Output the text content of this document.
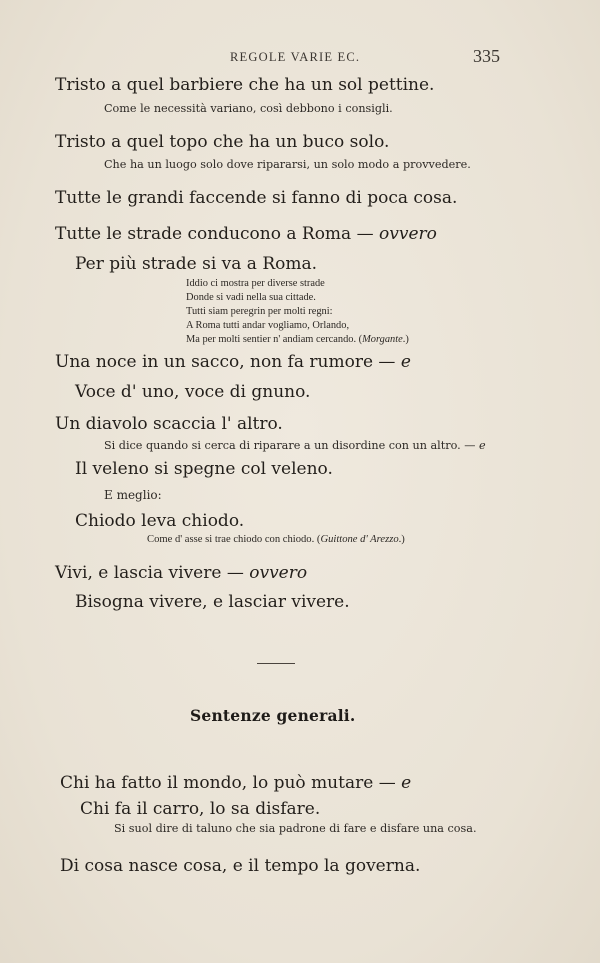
REGOLE VARIE EC.	335
Tristo a quel barbiere che ha un sol pettine.
Come le necessità variano, così debbono i consigli.
Tristo a quel topo che ha un buco solo.
Che ha un luogo solo dove ripararsi, un solo modo a provvedere.
Tutte le grandi faccende si fanno di poca cosa.
Tutte le strade conducono a Roma — ovvero
Per più strade si va a Roma.
Iddio ci mostra per diverse strade
Donde si vadi nella sua cittade.
Tutti siam peregrin per molti regni:
A Roma tutti andar vogliamo, Orlando,
Ma per molti sentier n' andiam cercando. (Morgante.)
Una noce in un sacco, non fa rumore — e
Voce d' uno, voce di gnuno.
Un diavolo scaccia l' altro.
Si dice quando si cerca di riparare a un disordine con un altro. — e
Il veleno si spegne col veleno.
E meglio:
Chiodo leva chiodo.
Come d' asse si trae chiodo con chiodo. (Guittone d' Arezzo.)
Vivi, e lascia vivere — ovvero
Bisogna vivere, e lasciar vivere.
Sentenze generali.
Chi ha fatto il mondo, lo può mutare — e
Chi fa il carro, lo sa disfare.
Si suol dire di taluno che sia padrone di fare e disfare una cosa.
Di cosa nasce cosa, e il tempo la governa.
